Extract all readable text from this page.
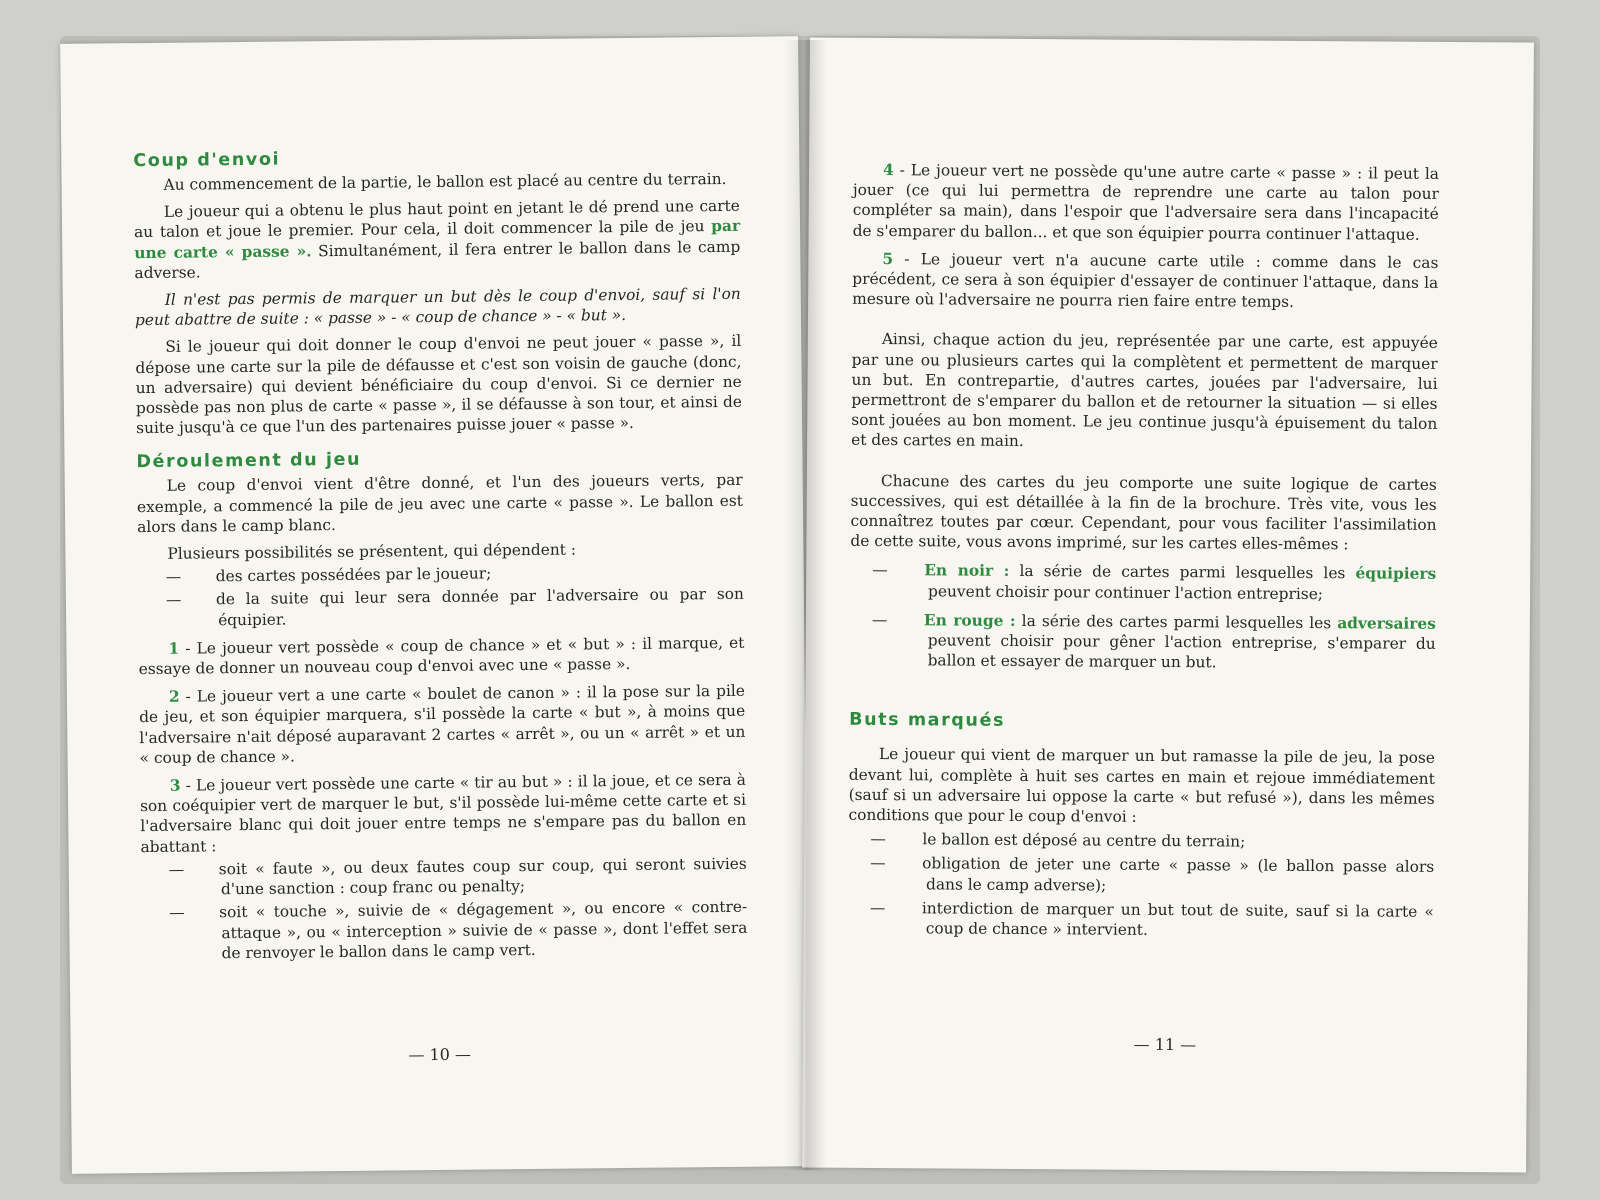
Coup d'envoi

Au commencement de la partie, le ballon est placé au centre du terrain.

Le joueur qui a obtenu le plus haut point en jetant le dé prend une carte au talon et joue le premier. Pour cela, il doit commencer la pile de jeu par une carte « passe ». Simultanément, il fera entrer le ballon dans le camp adverse.

Il n'est pas permis de marquer un but dès le coup d'envoi, sauf si l'on peut abattre de suite : « passe » - « coup de chance » - « but ».

Si le joueur qui doit donner le coup d'envoi ne peut jouer « passe », il dépose une carte sur la pile de défausse et c'est son voisin de gauche (donc, un adversaire) qui devient bénéficiaire du coup d'envoi. Si ce dernier ne possède pas non plus de carte « passe », il se défausse à son tour, et ainsi de suite jusqu'à ce que l'un des partenaires puisse jouer « passe ».

Déroulement du jeu

Le coup d'envoi vient d'être donné, et l'un des joueurs verts, par exemple, a commencé la pile de jeu avec une carte « passe ». Le ballon est alors dans le camp blanc.

Plusieurs possibilités se présentent, qui dépendent :

— des cartes possédées par le joueur;

— de la suite qui leur sera donnée par l'adversaire ou par son équipier.

1 - Le joueur vert possède « coup de chance » et « but » : il marque, et essaye de donner un nouveau coup d'envoi avec une « passe ».

2 - Le joueur vert a une carte « boulet de canon » : il la pose sur la pile de jeu, et son équipier marquera, s'il possède la carte « but », à moins que l'adversaire n'ait déposé auparavant 2 cartes « arrêt », ou un « arrêt » et un « coup de chance ».

3 - Le joueur vert possède une carte « tir au but » : il la joue, et ce sera à son coéquipier vert de marquer le but, s'il possède lui-même cette carte et si l'adversaire blanc qui doit jouer entre temps ne s'empare pas du ballon en abattant :

— soit « faute », ou deux fautes coup sur coup, qui seront suivies d'une sanction : coup franc ou penalty;

— soit « touche », suivie de « dégagement », ou encore « contre-attaque », ou « interception » suivie de « passe », dont l'effet sera de renvoyer le ballon dans le camp vert.

— 10 —

4 - Le joueur vert ne possède qu'une autre carte « passe » : il peut la jouer (ce qui lui permettra de reprendre une carte au talon pour compléter sa main), dans l'espoir que l'adversaire sera dans l'incapacité de s'emparer du ballon... et que son équipier pourra continuer l'attaque.

5 - Le joueur vert n'a aucune carte utile : comme dans le cas précédent, ce sera à son équipier d'essayer de continuer l'attaque, dans la mesure où l'adversaire ne pourra rien faire entre temps.

Ainsi, chaque action du jeu, représentée par une carte, est appuyée par une ou plusieurs cartes qui la complètent et permettent de marquer un but. En contrepartie, d'autres cartes, jouées par l'adversaire, lui permettront de s'emparer du ballon et de retourner la situation — si elles sont jouées au bon moment. Le jeu continue jusqu'à épuisement du talon et des cartes en main.

Chacune des cartes du jeu comporte une suite logique de cartes successives, qui est détaillée à la fin de la brochure. Très vite, vous les connaîtrez toutes par cœur. Cependant, pour vous faciliter l'assimilation de cette suite, vous avons imprimé, sur les cartes elles-mêmes :

— En noir : la série de cartes parmi lesquelles les équipiers peuvent choisir pour continuer l'action entreprise;

— En rouge : la série des cartes parmi lesquelles les adversaires peuvent choisir pour gêner l'action entreprise, s'emparer du ballon et essayer de marquer un but.

Buts marqués

Le joueur qui vient de marquer un but ramasse la pile de jeu, la pose devant lui, complète à huit ses cartes en main et rejoue immédiatement (sauf si un adversaire lui oppose la carte « but refusé »), dans les mêmes conditions que pour le coup d'envoi :

— le ballon est déposé au centre du terrain;

— obligation de jeter une carte « passe » (le ballon passe alors dans le camp adverse);

— interdiction de marquer un but tout de suite, sauf si la carte « coup de chance » intervient.

— 11 —
